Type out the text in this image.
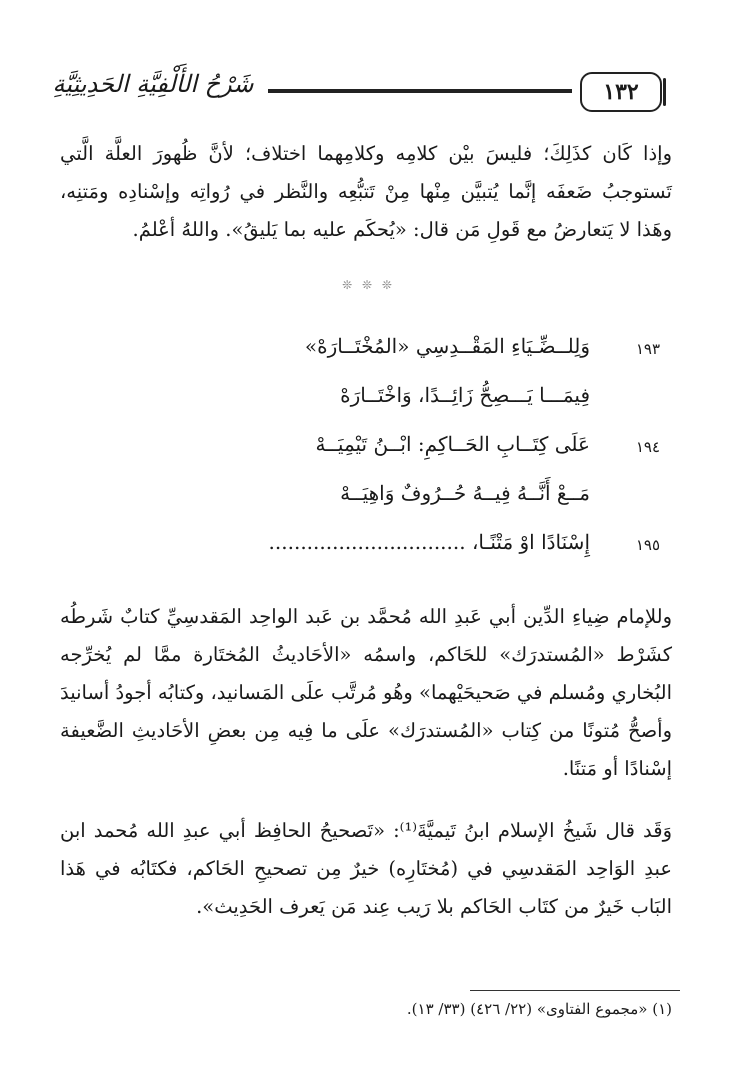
شَرْحُ الأَلْفِيَّةِ الحَدِيثِيَّةِ	١٣٢

وإذا كَان كذَلِكَ؛ فليسَ بيْن كلامِه وكلامِهما اختلاف؛ لأنَّ ظُهورَ العلَّة الَّتي تَستوجبُ ضَعفَه إنَّما يُتبيَّن مِنْها مِنْ تَتبُّعِه والنَّظر في رُواتِه وإسْنادِه ومَتنِه، وهَذا لا يَتعارضُ مع قَولِ مَن قال: «يُحكَم عليه بما يَليقُ». واللهُ أعْلمُ.

❊ ❊ ❊
١٩٣
وَلِلــضِّـيَاءِ المَقْــدِسِي «المُخْتَــارَهْ»
فِيمَـــا يَـــصِحُّ زَائِــدًا، وَاخْتَــارَهْ
١٩٤
عَلَى كِتَــابِ الحَــاكِمِ: ابْــنُ تَيْمِيَــهْ
مَــعْ أَنَّــهُ فِيــهُ حُــرُوفٌ وَاهِيَــهْ
١٩٥
إِسْنَادًا اوْ مَتْنًـا، ...............................

وللإمام ضِياءِ الدِّين أبي عَبدِ الله مُحمَّد بن عَبد الواحِد المَقدسِيِّ كتابٌ شَرطُه كشَرْط «المُستدرَك» للحَاكم، واسمُه «الأحَاديثُ المُختَارة ممَّا لم يُخرِّجه البُخاري ومُسلم في صَحيحَيْهما» وهُو مُرتَّب علَى المَسانيد، وكتابُه أجودُ أسانيدَ وأصحُّ مُتونًا من كِتاب «المُستدرَك» علَى ما فِيه مِن بعضِ الأحَاديثِ الضَّعيفة إسْنادًا أو مَتنًا.

وَقَد قال شَيخُ الإسلام ابنُ تَيميَّةَ⁽¹⁾: «تَصحيحُ الحافِظ أبي عبدِ الله مُحمد ابن عبدِ الوَاحِد المَقدسِي في (مُختَارِه) خيرٌ مِن تصحيحِ الحَاكم، فكتَابُه في هَذا البَاب خَيرٌ من كتَاب الحَاكم بلا رَيب عِند مَن يَعرف الحَدِيث».

(١) «مجموع الفتاوى» (٢٢/ ٤٢٦) (٣٣/ ١٣).
